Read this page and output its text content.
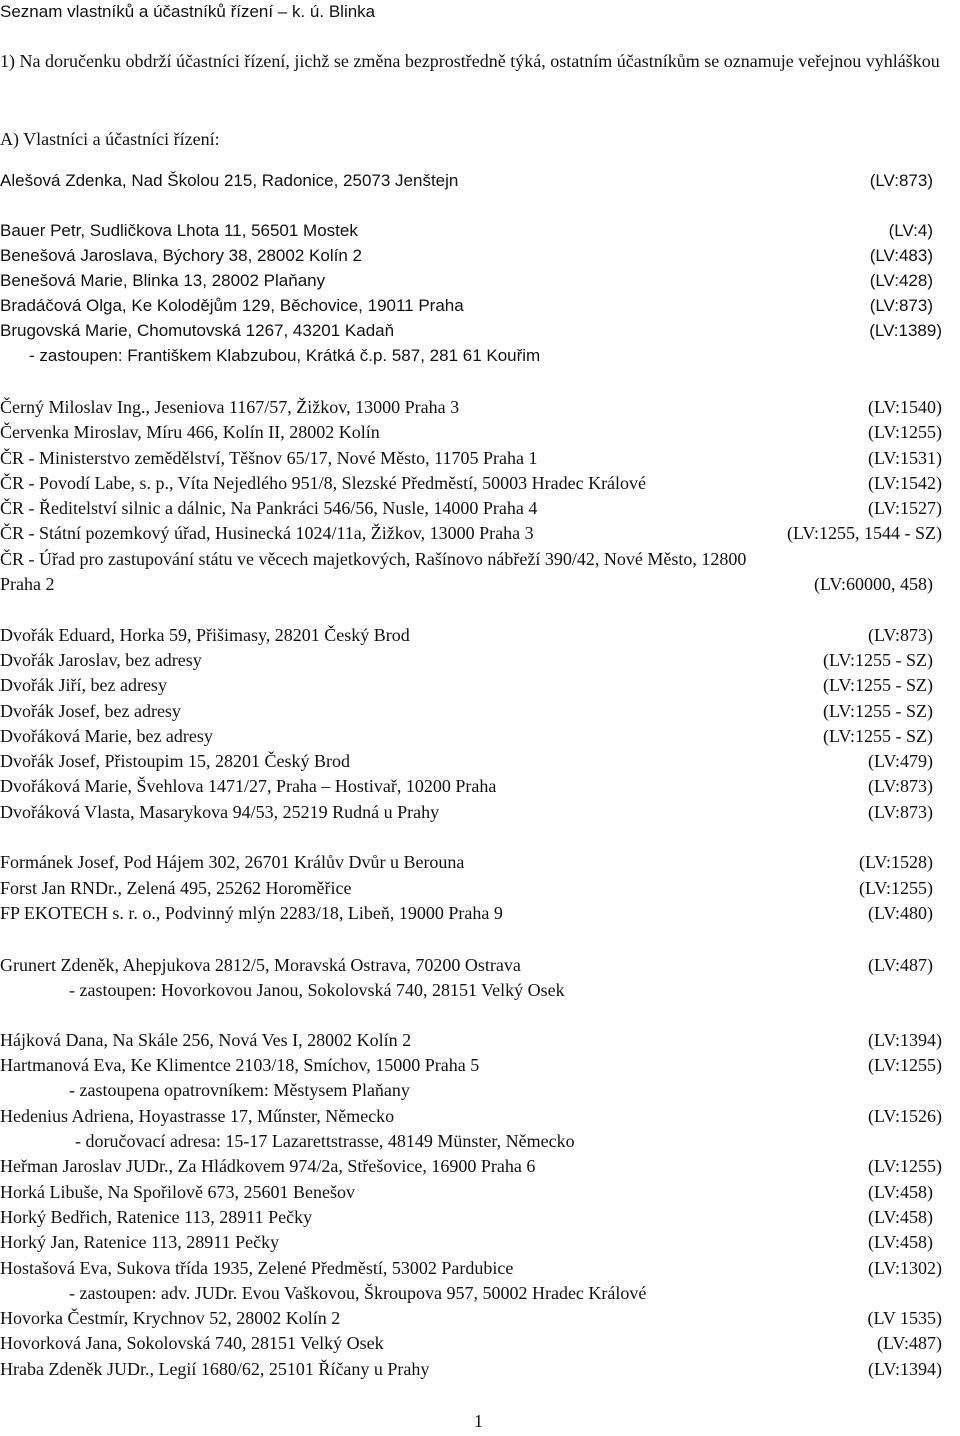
Seznam vlastníků a účastníků řízení – k. ú. Blinka
1) Na doručenku obdrží účastníci řízení, jichž se změna bezprostředně týká, ostatním účastníkům se oznamuje veřejnou vyhláškou
A) Vlastníci a účastníci řízení:
Alešová Zdenka, Nad Školou 215, Radonice, 25073 Jenštejn	(LV:873)
Bauer Petr, Sudličkova Lhota 11, 56501 Mostek	(LV:4)
Benešová Jaroslava, Býchory 38, 28002 Kolín 2	(LV:483)
Benešová Marie, Blinka 13, 28002 Plaňany	(LV:428)
Bradáčová Olga, Ke Kolodějům 129, Běchovice, 19011 Praha	(LV:873)
Brugovská Marie, Chomutovská 1267, 43201 Kadaň	(LV:1389)
- zastoupen: Františkem Klabzubou, Krátká č.p. 587, 281 61 Kouřim
Černý Miloslav Ing., Jeseniova 1167/57, Žižkov, 13000 Praha 3	(LV:1540)
Červenka Miroslav, Míru 466, Kolín II, 28002 Kolín	(LV:1255)
ČR - Ministerstvo zemědělství, Těšnov 65/17, Nové Město, 11705 Praha 1	(LV:1531)
ČR - Povodí Labe, s. p., Víta Nejedlého 951/8, Slezské Předměstí, 50003 Hradec Králové	(LV:1542)
ČR - Ředitelství silnic a dálnic, Na Pankráci 546/56, Nusle, 14000 Praha 4	(LV:1527)
ČR - Státní pozemkový úřad, Husinecká 1024/11a, Žižkov, 13000 Praha 3	(LV:1255, 1544 - SZ)
ČR - Úřad pro zastupování státu ve věcech majetkových, Rašínovo nábřeží 390/42, Nové Město, 12800
Praha 2	(LV:60000, 458)
Dvořák Eduard, Horka 59, Přišimasy, 28201 Český Brod	(LV:873)
Dvořák Jaroslav, bez adresy	(LV:1255 - SZ)
Dvořák Jiří, bez adresy	(LV:1255 - SZ)
Dvořák Josef, bez adresy	(LV:1255 - SZ)
Dvořáková Marie, bez adresy	(LV:1255 - SZ)
Dvořák Josef, Přistoupim 15, 28201 Český Brod	(LV:479)
Dvořáková Marie, Švehlova 1471/27, Praha – Hostivař, 10200 Praha	(LV:873)
Dvořáková Vlasta, Masarykova 94/53, 25219 Rudná u Prahy	(LV:873)
Formánek Josef, Pod Hájem 302, 26701 Králův Dvůr u Berouna	(LV:1528)
Forst Jan RNDr., Zelená 495, 25262 Horoměřice	(LV:1255)
FP EKOTECH s. r. o., Podvinný mlýn 2283/18, Libeň, 19000 Praha 9	(LV:480)
Grunert Zdeněk, Ahepjukova 2812/5, Moravská Ostrava, 70200 Ostrava	(LV:487)
- zastoupen: Hovorkovou Janou, Sokolovská 740, 28151 Velký Osek
Hájková Dana, Na Skále 256, Nová Ves I, 28002 Kolín 2	(LV:1394)
Hartmanová Eva, Ke Klimentce 2103/18, Smíchov, 15000 Praha 5	(LV:1255)
- zastoupena opatrovníkem: Městysem Plaňany
Hedenius Adriena, Hoyastrasse 17, Műnster, Německo	(LV:1526)
- doručovací adresa: 15-17 Lazarettstrasse, 48149 Münster, Německo
Heřman Jaroslav JUDr., Za Hládkovem 974/2a, Střešovice, 16900 Praha 6	(LV:1255)
Horká Libuše, Na Spořilově 673, 25601 Benešov	(LV:458)
Horký Bedřich, Ratenice 113, 28911 Pečky	(LV:458)
Horký Jan, Ratenice 113, 28911 Pečky	(LV:458)
Hostašová Eva, Sukova třída 1935, Zelené Předměstí, 53002 Pardubice	(LV:1302)
- zastoupen: adv. JUDr. Evou Vaškovou, Škroupova 957, 50002 Hradec Králové
Hovorka Čestmír, Krychnov 52, 28002 Kolín 2	(LV 1535)
Hovorková Jana, Sokolovská 740, 28151 Velký Osek	(LV:487)
Hraba Zdeněk JUDr., Legií 1680/62, 25101 Říčany u Prahy	(LV:1394)
1
